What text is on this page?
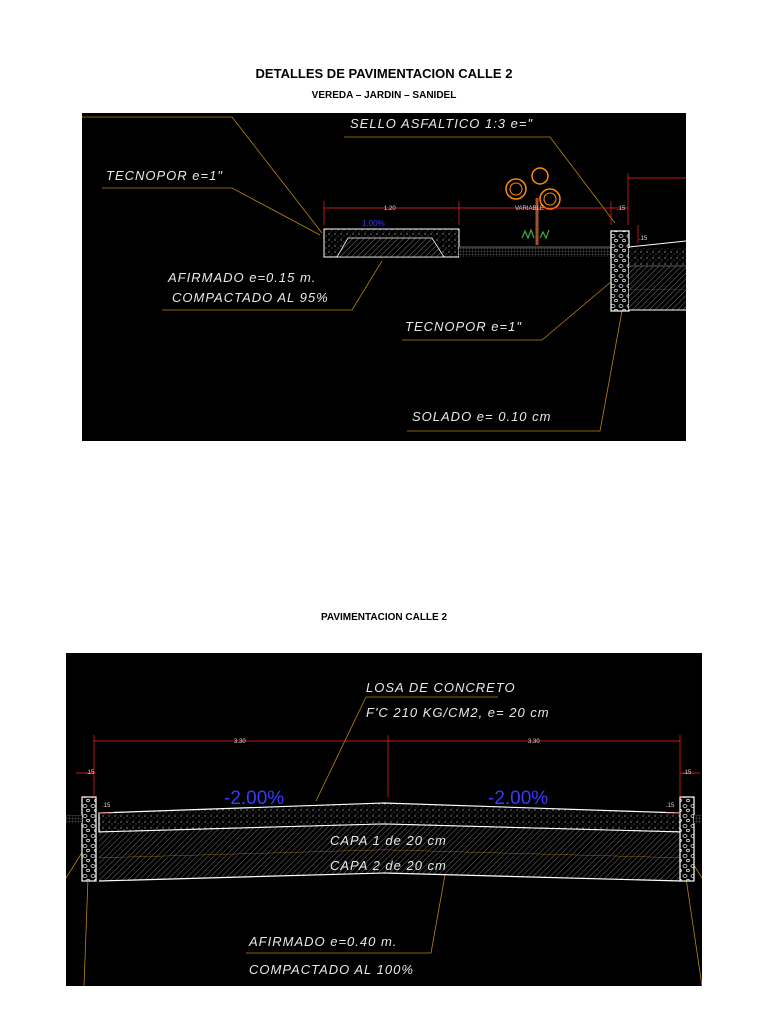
DETALLES DE PAVIMENTACION CALLE 2
VEREDA – JARDIN – SANIDEL
1.20	VARIABLE	.15
.15
1.00%
SELLO ASFALTICO 1:3 e="
TECNOPOR e=1"
AFIRMADO e=0.15 m.
COMPACTADO AL 95%
TECNOPOR e=1"
SOLADO e= 0.10 cm
PAVIMENTACION CALLE 2
3.30	3.30
.15	.15
.15	.15
-2.00%	-2.00%
LOSA DE CONCRETO
F'C 210 KG/CM2, e= 20 cm
CAPA 1 de 20 cm
CAPA 2 de 20 cm
AFIRMADO e=0.40 m.
COMPACTADO AL 100%
